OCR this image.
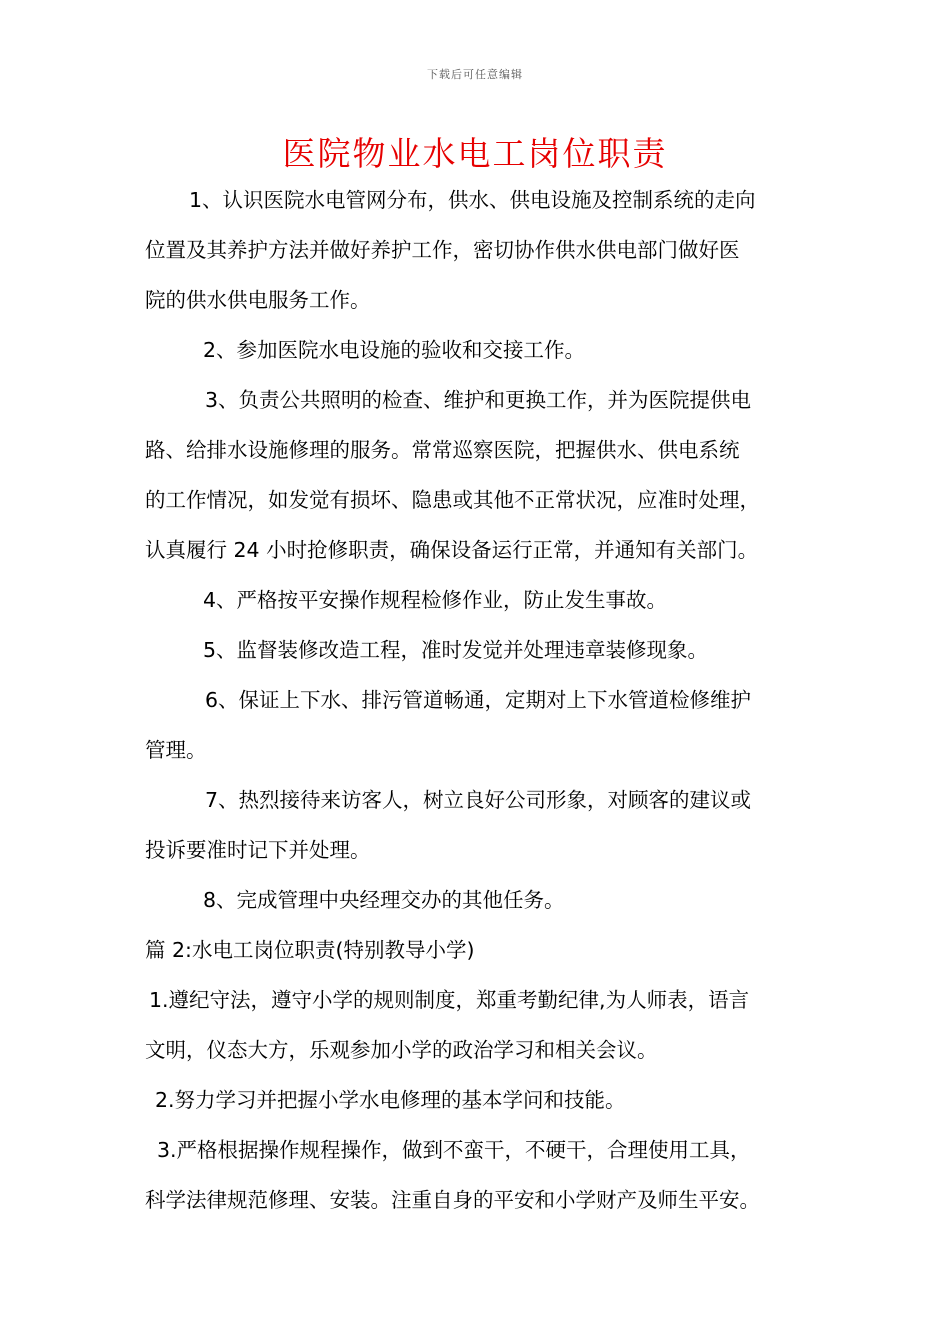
下载后可任意编辑
医院物业水电工岗位职责

1、认识医院水电管网分布，供水、供电设施及控制系统的走向
位置及其养护方法并做好养护工作，密切协作供水供电部门做好医
院的供水供电服务工作。

2、参加医院水电设施的验收和交接工作。

3、负责公共照明的检查、维护和更换工作，并为医院提供电
路、给排水设施修理的服务。常常巡察医院，把握供水、供电系统
的工作情况，如发觉有损坏、隐患或其他不正常状况，应准时处理，
认真履行 24 小时抢修职责，确保设备运行正常，并通知有关部门。

4、严格按平安操作规程检修作业，防止发生事故。

5、监督装修改造工程，准时发觉并处理违章装修现象。

6、保证上下水、排污管道畅通，定期对上下水管道检修维护
管理。

7、热烈接待来访客人，树立良好公司形象，对顾客的建议或
投诉要准时记下并处理。

8、完成管理中央经理交办的其他任务。

篇 2:水电工岗位职责(特别教导小学)

1.遵纪守法，遵守小学的规则制度，郑重考勤纪律,为人师表，语言
文明，仪态大方，乐观参加小学的政治学习和相关会议。

2.努力学习并把握小学水电修理的基本学问和技能。

3.严格根据操作规程操作，做到不蛮干，不硬干，合理使用工具，
科学法律规范修理、安装。注重自身的平安和小学财产及师生平安。
